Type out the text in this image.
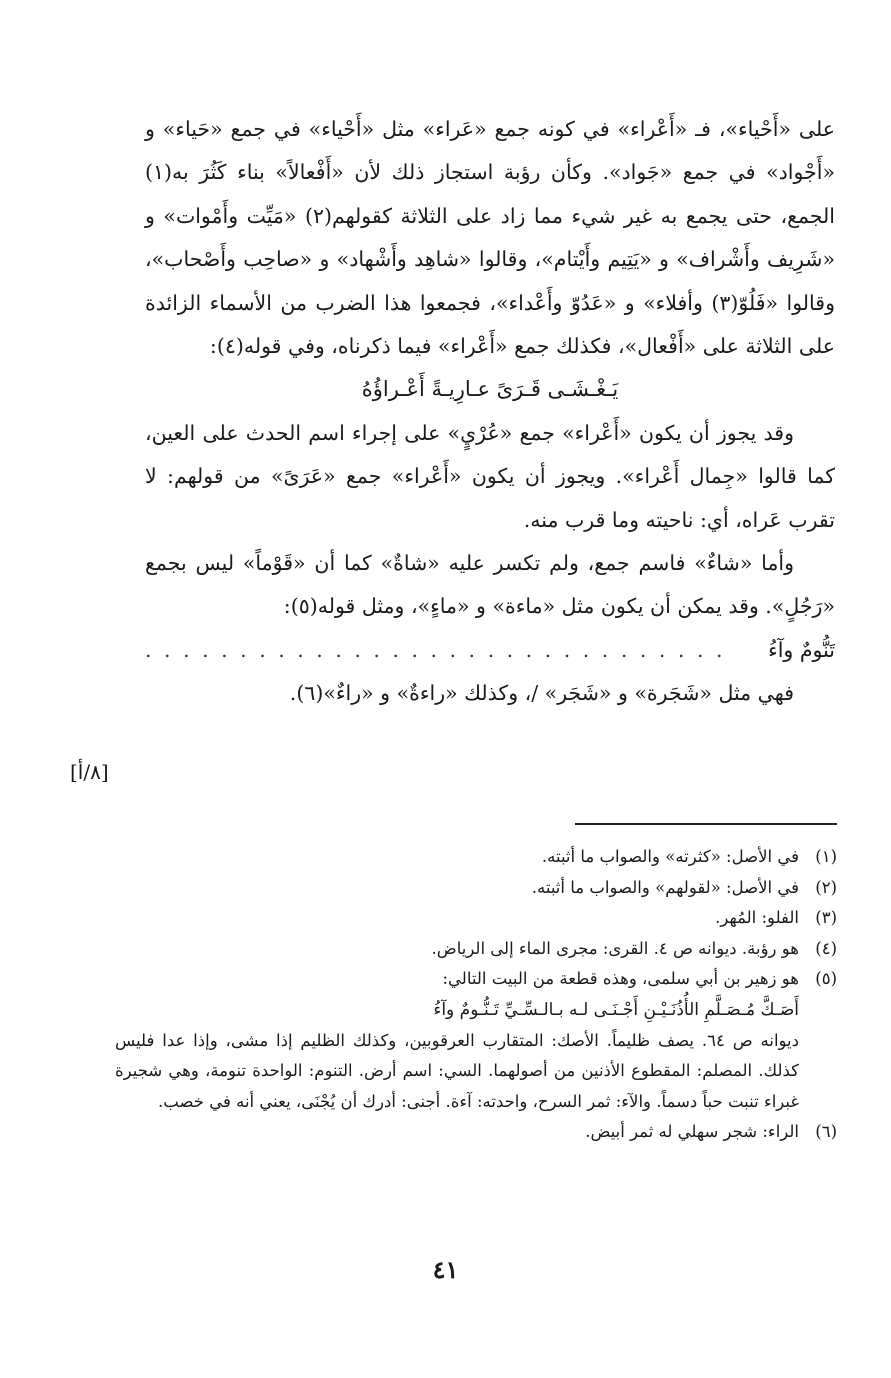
على «أَحْياء»، فـ «أَعْراء» في كونه جمع «عَراء» مثل «أَحْياء» في جمع «حَياء» و «أَجْواد» في جمع «جَواد». وكأن رؤبة استجاز ذلك لأن «أَفْعالاً» بناء كَثُرَ به(١) الجمع، حتى يجمع به غير شيء مما زاد على الثلاثة كقولهم(٢) «مَيِّت وأَمْوات» و «شَرِيف وأَشْراف» و «يَتِيم وأَيْتام»، وقالوا «شاهِد وأَشْهاد» و «صاحِب وأَصْحاب»، وقالوا «فَلُوّ(٣) وأفلاء» و «عَدُوّ وأَعْداء»، فجمعوا هذا الضرب من الأسماء الزائدة على الثلاثة على «أَفْعال»، فكذلك جمع «أَعْراء» فيما ذكرناه، وفي قوله(٤):

يَـغْـشَـى قَـرَىً عـارِيـةً أَعْـراؤُهُ

وقد يجوز أن يكون «أَعْراء» جمع «عُرْيٍ» على إجراء اسم الحدث على العين، كما قالوا «جِمال أَعْراء». ويجوز أن يكون «أَعْراء» جمع «عَرَىً» من قولهم: لا تقرب عَراه، أي: ناحيته وما قرب منه.

وأما «شاءٌ» فاسم جمع، ولم تكسر عليه «شاةٌ» كما أن «قَوْماً» ليس بجمع «رَجُلٍ». وقد يمكن أن يكون مثل «ماءة» و «ماءٍ»، ومثل قوله(٥):

تَنُّومٌ وآءُ
. . . . . . . . . . . . . . . . . . . . . . . . . . . . . . .

فهي مثل «شَجَرة» و «شَجَر» /، وكذلك «راءةٌ» و «راءٌ»(٦).

[٨/أ]
(١)
في الأصل: «كثرته» والصواب ما أثبته.
(٢)
في الأصل: «لقولهم» والصواب ما أثبته.
(٣)
الفلو: المُهر.
(٤)
هو رؤبة. ديوانه ص ٤. القرى: مجرى الماء إلى الرياض.
(٥)
هو زهير بن أبي سلمى، وهذه قطعة من البيت التالي:
أَصَـكَّ مُـصَـلَّمِ الأُذُنَـيْـنِ أَجْـنَـى لـه بـالـسِّـيِّ تَـنُّـومٌ وآءُ
ديوانه ص ٦٤. يصف ظليماً. الأصك: المتقارب العرقوبين، وكذلك الظليم إذا مشى، وإذا عدا فليس كذلك. المصلم: المقطوع الأذنين من أصولهما. السي: اسم أرض. التنوم: الواحدة تنومة، وهي شجيرة غبراء تنبت حباً دسماً. والآء: ثمر السرح، واحدته: آءة. أجنى: أدرك أن يُجْنَى، يعني أنه في خصب.
(٦)
الراء: شجر سهلي له ثمر أبيض.
٤١
